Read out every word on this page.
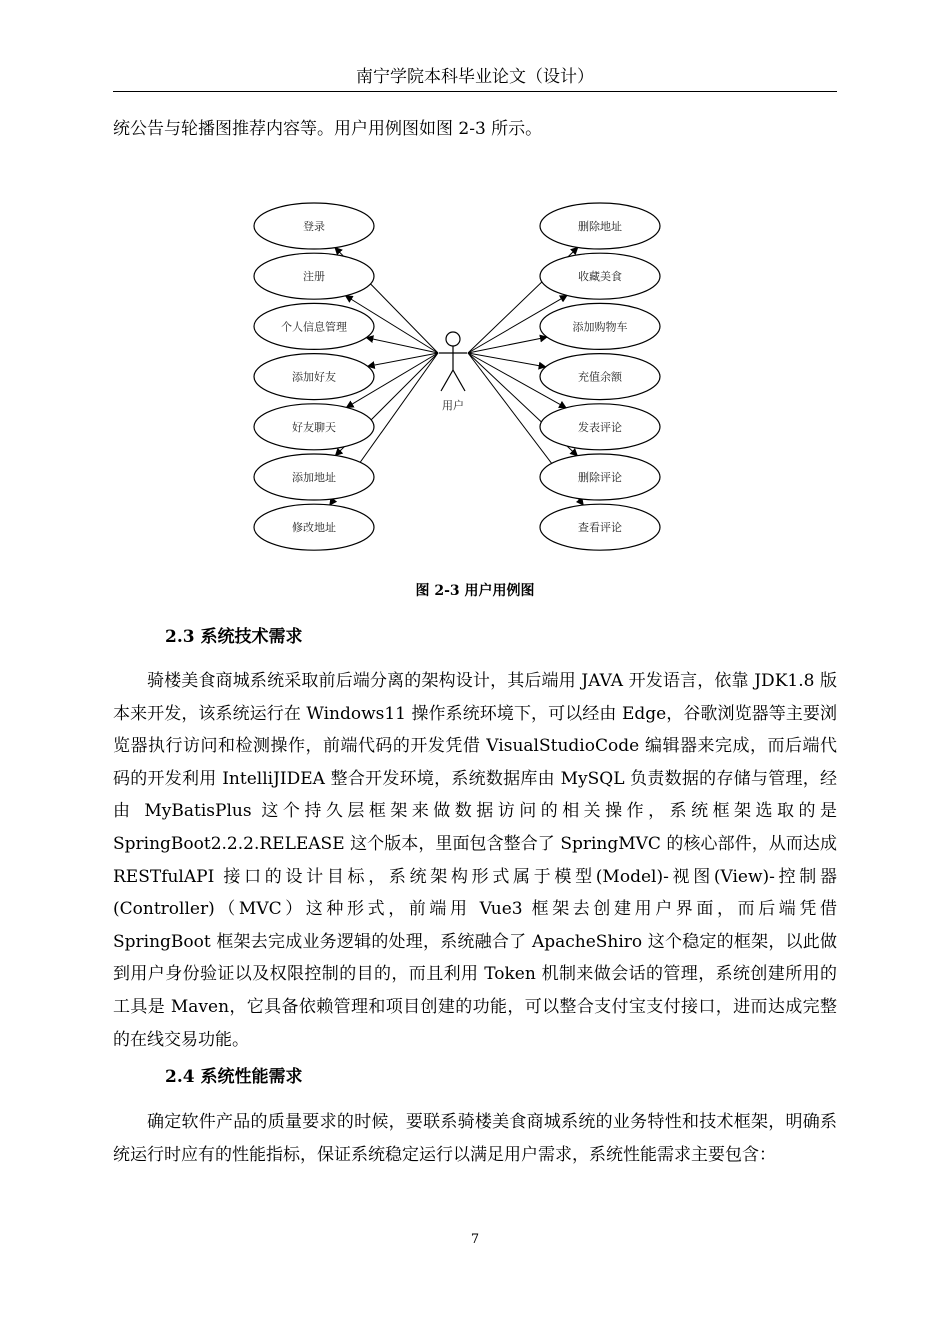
南宁学院本科毕业论文（设计）

统公告与轮播图推荐内容等。用户用例图如图 2-3 所示。

登录
注册
个人信息管理
添加好友
好友聊天
添加地址
修改地址
删除地址
收藏美食
添加购物车
充值余额
发表评论
删除评论
查看评论
用户
图 2-3 用户用例图
2.3 系统技术需求

骑楼美食商城系统采取前后端分离的架构设计，其后端用 JAVA 开发语言，依靠 JDK1.8 版本来开发，该系统运行在 Windows11 操作系统环境下，可以经由 Edge，谷歌浏览器等主要浏览器执行访问和检测操作，前端代码的开发凭借 VisualStudioCode 编辑器来完成，而后端代码的开发利用 IntelliJIDEA 整合开发环境，系统数据库由 MySQL 负责数据的存储与管理，经由 MyBatisPlus 这个持久层框架来做数据访问的相关操作，系统框架选取的是 SpringBoot2.2.2.RELEASE 这个版本，里面包含整合了 SpringMVC 的核心部件，从而达成 RESTfulAPI 接口的设计目标，系统架构形式属于模型(Model)-视图(View)-控制器(Controller)（MVC）这种形式，前端用 Vue3 框架去创建用户界面，而后端凭借 SpringBoot 框架去完成业务逻辑的处理，系统融合了 ApacheShiro 这个稳定的框架，以此做到用户身份验证以及权限控制的目的，而且利用 Token 机制来做会话的管理，系统创建所用的工具是 Maven，它具备依赖管理和项目创建的功能，可以整合支付宝支付接口，进而达成完整的在线交易功能。

2.4 系统性能需求

确定软件产品的质量要求的时候，要联系骑楼美食商城系统的业务特性和技术框架，明确系统运行时应有的性能指标，保证系统稳定运行以满足用户需求，系统性能需求主要包含：

7
